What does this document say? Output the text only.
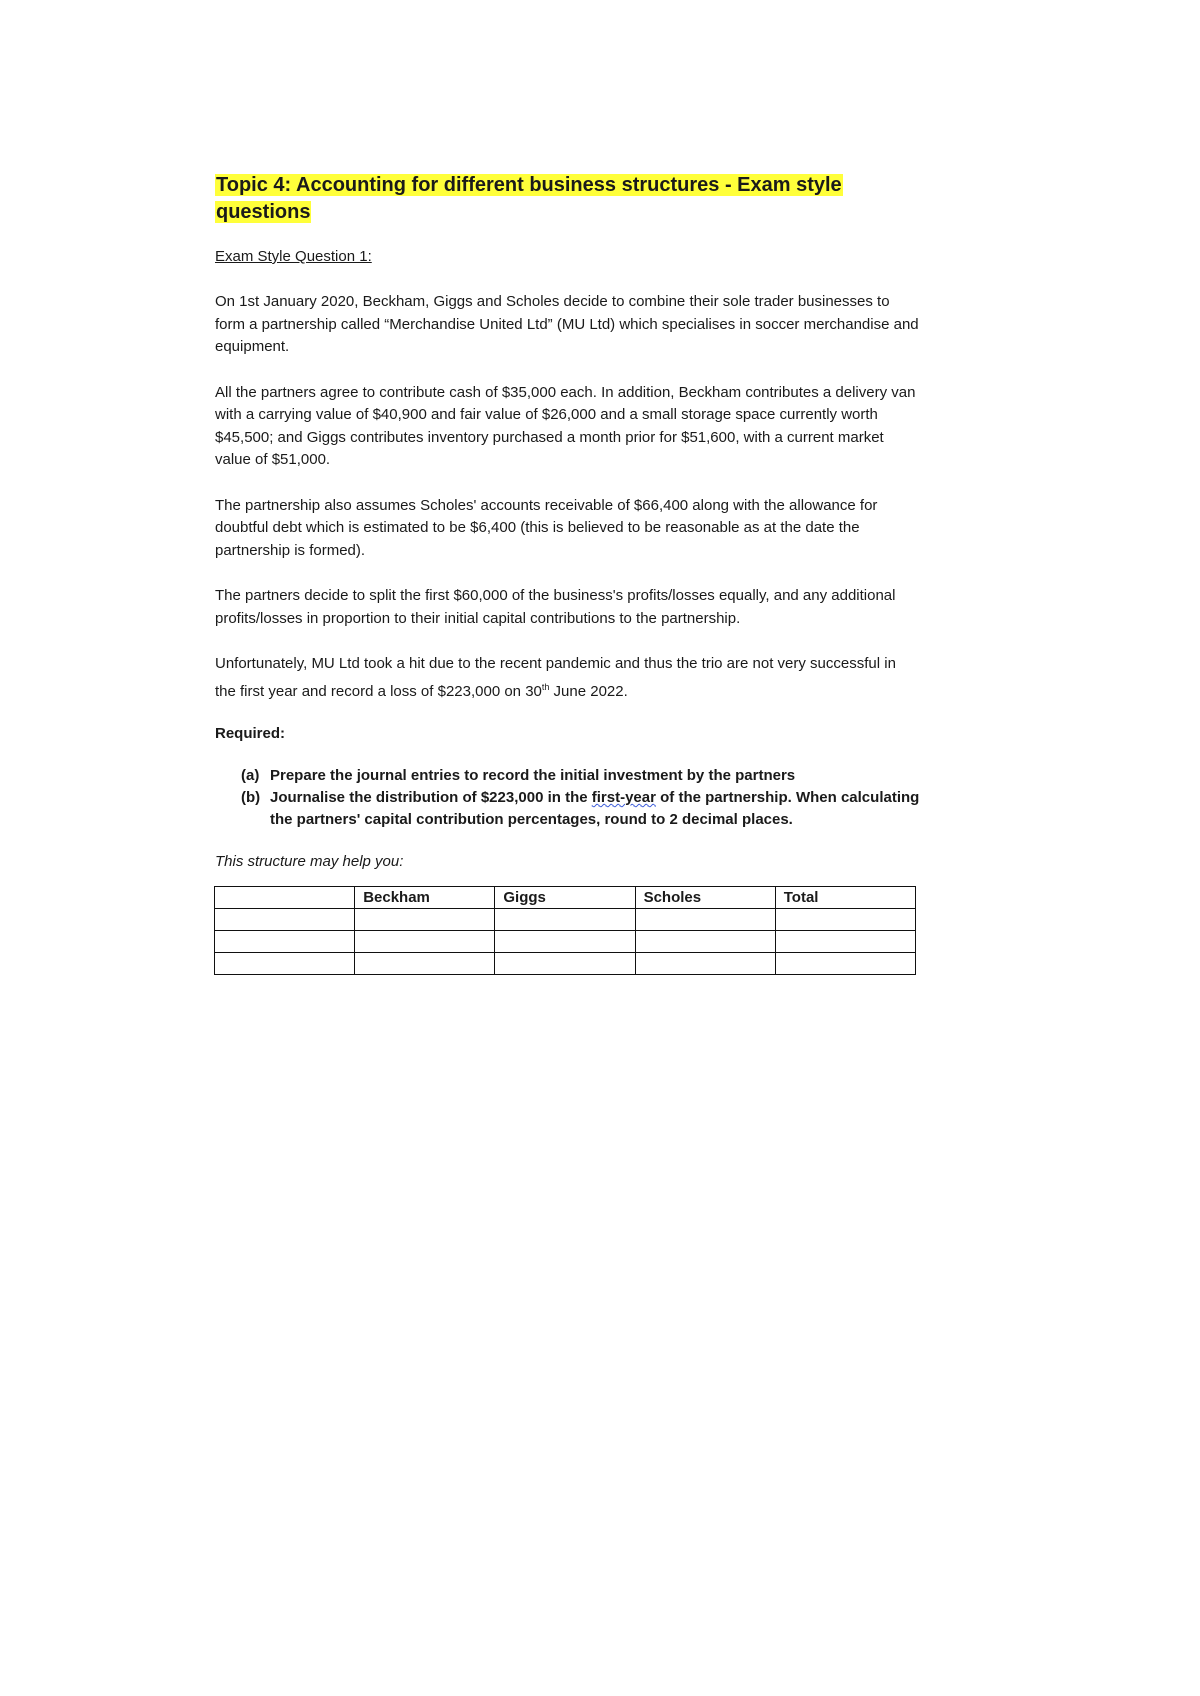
Topic 4: Accounting for different business structures - Exam style
questions
Exam Style Question 1:
On 1st January 2020, Beckham, Giggs and Scholes decide to combine their sole trader businesses to form a partnership called “Merchandise United Ltd” (MU Ltd) which specialises in soccer merchandise and equipment.
All the partners agree to contribute cash of $35,000 each. In addition, Beckham contributes a delivery van with a carrying value of $40,900 and fair value of $26,000 and a small storage space currently worth $45,500; and Giggs contributes inventory purchased a month prior for $51,600, with a current market value of $51,000.
The partnership also assumes Scholes' accounts receivable of $66,400 along with the allowance for doubtful debt which is estimated to be $6,400 (this is believed to be reasonable as at the date the partnership is formed).
The partners decide to split the first $60,000 of the business's profits/losses equally, and any additional profits/losses in proportion to their initial capital contributions to the partnership.
Unfortunately, MU Ltd took a hit due to the recent pandemic and thus the trio are not very successful in the first year and record a loss of $223,000 on 30th June 2022.
Required:
(a) Prepare the journal entries to record the initial investment by the partners
(b) Journalise the distribution of $223,000 in the first-year of the partnership. When calculating the partners' capital contribution percentages, round to 2 decimal places.
This structure may help you:
	Beckham	Giggs	Scholes	Total
